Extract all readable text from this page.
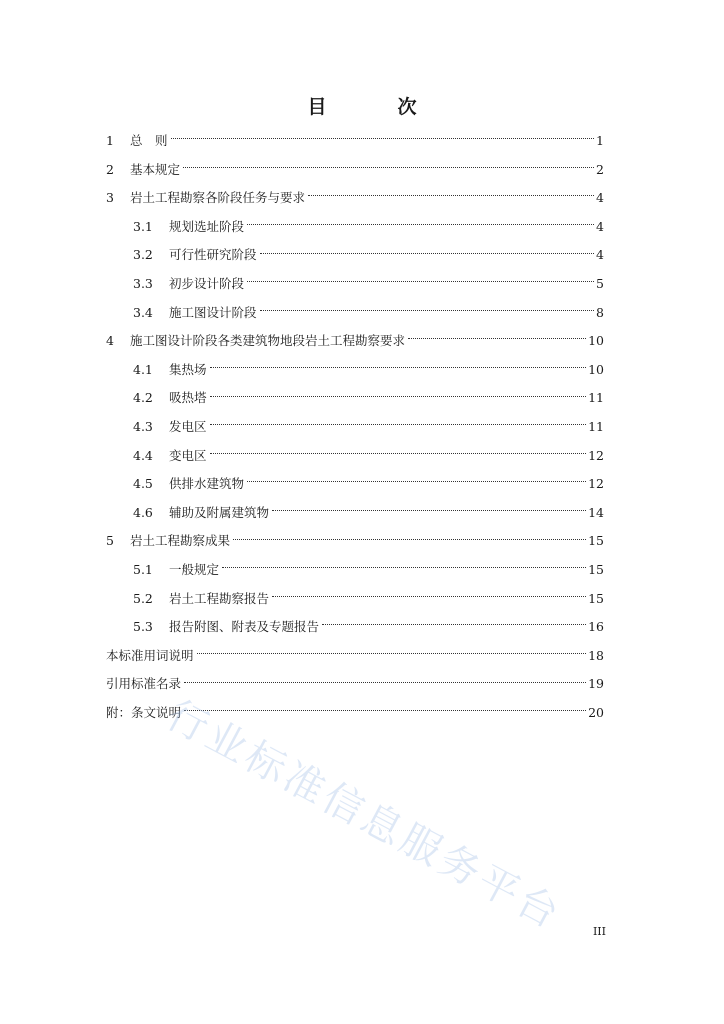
目　次
1	总　则	1
2	基本规定	2
3	岩土工程勘察各阶段任务与要求	4
3.1	规划选址阶段	4
3.2	可行性研究阶段	4
3.3	初步设计阶段	5
3.4	施工图设计阶段	8
4	施工图设计阶段各类建筑物地段岩土工程勘察要求	10
4.1	集热场	10
4.2	吸热塔	11
4.3	发电区	11
4.4	变电区	12
4.5	供排水建筑物	12
4.6	辅助及附属建筑物	14
5	岩土工程勘察成果	15
5.1	一般规定	15
5.2	岩土工程勘察报告	15
5.3	报告附图、附表及专题报告	16
本标准用词说明	18
引用标准名录	19
附：条文说明	20
行业标准信息服务平台	III
